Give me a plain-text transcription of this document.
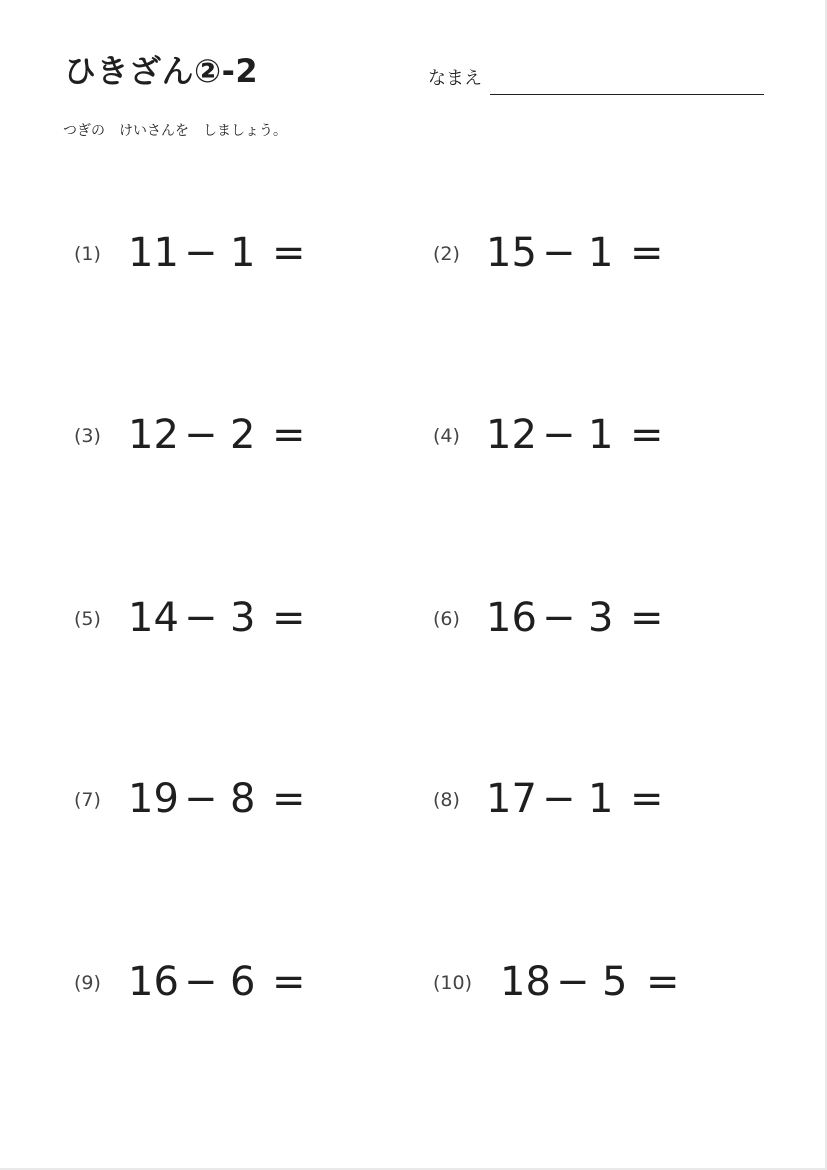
ひきざん②-2	なまえ
つぎの　けいさんを　しましょう。
(1) 11 − 1 =	(2) 15 − 1 =
(3) 12 − 2 =	(4) 12 − 1 =
(5) 14 − 3 =	(6) 16 − 3 =
(7) 19 − 8 =	(8) 17 − 1 =
(9) 16 − 6 =	(10) 18 − 5 =
